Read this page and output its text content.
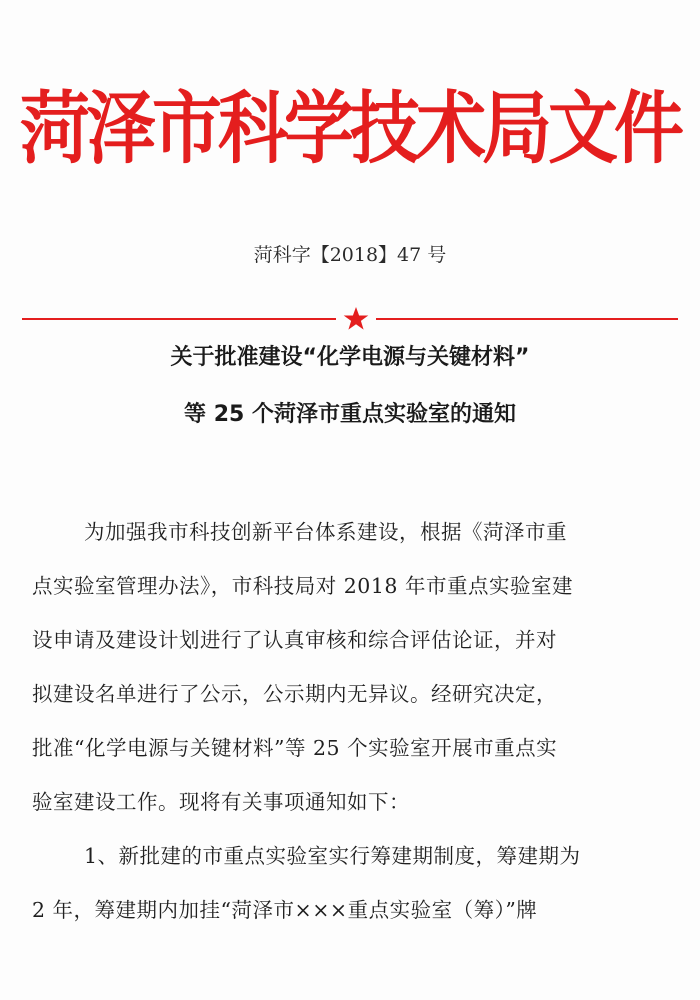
菏泽市科学技术局文件
菏科字【2018】47 号
关于批准建设“化学电源与关键材料”
等 25 个菏泽市重点实验室的通知
为加强我市科技创新平台体系建设，根据《菏泽市重
点实验室管理办法》，市科技局对 2018 年市重点实验室建
设申请及建设计划进行了认真审核和综合评估论证，并对
拟建设名单进行了公示，公示期内无异议。经研究决定，
批准“化学电源与关键材料”等 25 个实验室开展市重点实
验室建设工作。现将有关事项通知如下：
1、新批建的市重点实验室实行筹建期制度，筹建期为
2 年，筹建期内加挂“菏泽市×××重点实验室（筹）”牌
